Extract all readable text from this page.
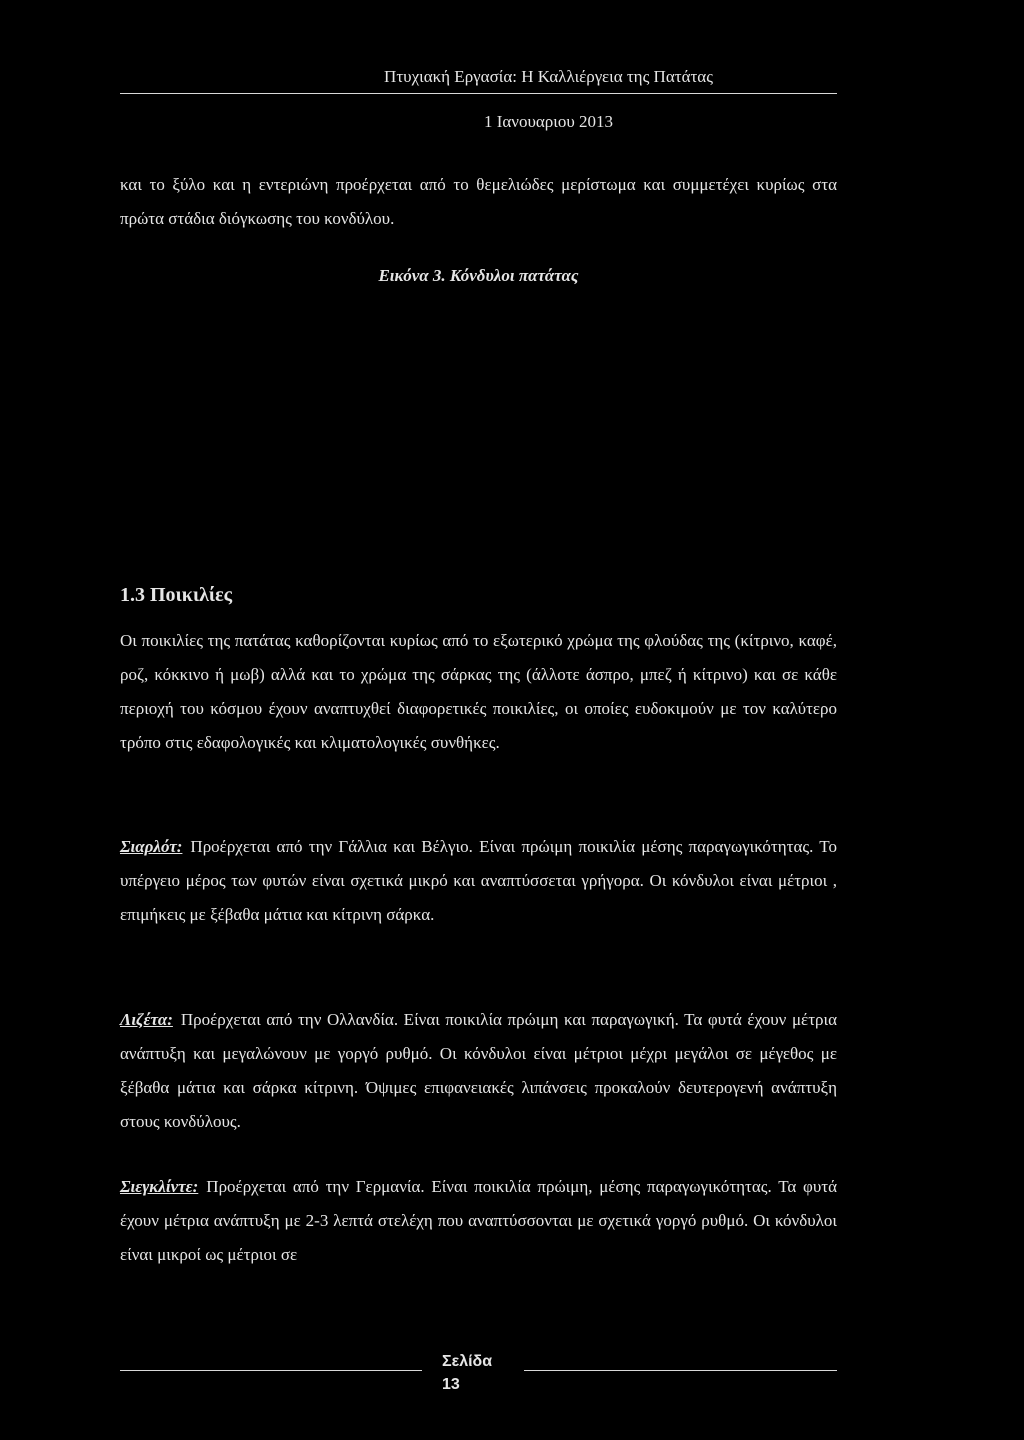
Πτυχιακή Εργασία: Η Καλλιέργεια της Πατάτας
1 Ιανουαριου 2013

και το ξύλο και η εντεριώνη προέρχεται από το θεμελιώδες μερίστωμα και συμμετέχει κυρίως στα πρώτα στάδια διόγκωσης του κονδύλου.

Εικόνα 3. Κόνδυλοι πατάτας
1.3 Ποικιλίες

Οι ποικιλίες της πατάτας καθορίζονται κυρίως από το εξωτερικό χρώμα της φλούδας της (κίτρινο, καφέ, ροζ, κόκκινο ή μωβ) αλλά και το χρώμα της σάρκας της (άλλοτε άσπρο, μπεζ ή κίτρινο) και σε κάθε περιοχή του κόσμου έχουν αναπτυχθεί διαφορετικές ποικιλίες, οι οποίες ευδοκιμούν με τον καλύτερο τρόπο στις εδαφολογικές και κλιματολογικές συνθήκες.

Σιαρλότ: Προέρχεται από την Γάλλια και Βέλγιο. Είναι πρώιμη ποικιλία μέσης παραγωγικότητας. Το υπέργειο μέρος των φυτών είναι σχετικά μικρό και αναπτύσσεται γρήγορα. Οι κόνδυλοι είναι μέτριοι , επιμήκεις με ξέβαθα μάτια και κίτρινη σάρκα.

Λιζέτα: Προέρχεται από την Ολλανδία. Είναι ποικιλία πρώιμη και παραγωγική. Τα φυτά έχουν μέτρια ανάπτυξη και μεγαλώνουν με γοργό ρυθμό. Οι κόνδυλοι είναι μέτριοι μέχρι μεγάλοι σε μέγεθος με ξέβαθα μάτια και σάρκα κίτρινη. Όψιμες επιφανειακές λιπάνσεις προκαλούν δευτερογενή ανάπτυξη στους κονδύλους.

Σιεγκλίντε: Προέρχεται από την Γερμανία. Είναι ποικιλία πρώιμη, μέσης παραγωγικότητας. Τα φυτά έχουν μέτρια ανάπτυξη με 2-3 λεπτά στελέχη που αναπτύσσονται με σχετικά γοργό ρυθμό. Οι κόνδυλοι είναι μικροί ως μέτριοι σε

Σελίδα
13
